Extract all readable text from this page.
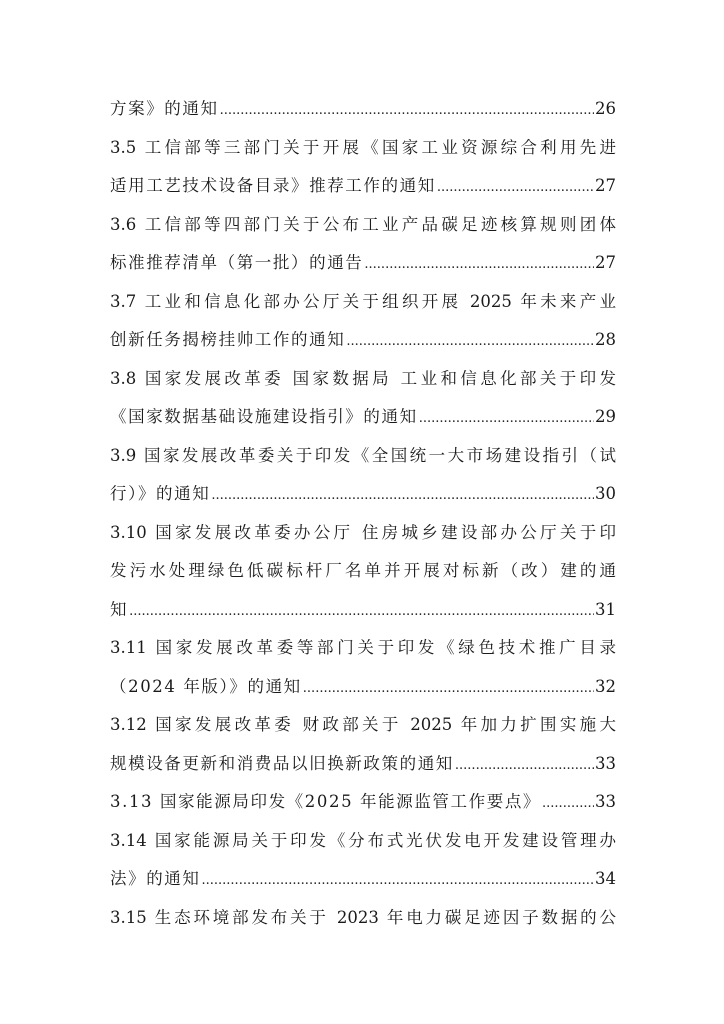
方案》的通知 .....	26
3.5 工信部等三部门关于开展《国家工业资源综合利用先进
适用工艺技术设备目录》推荐工作的通知 .....	27
3.6 工信部等四部门关于公布工业产品碳足迹核算规则团体
标准推荐清单（第一批）的通告 .....	27
3.7 工业和信息化部办公厅关于组织开展 2025 年未来产业
创新任务揭榜挂帅工作的通知 .....	28
3.8 国家发展改革委 国家数据局 工业和信息化部关于印发
《国家数据基础设施建设指引》的通知 .....	29
3.9 国家发展改革委关于印发《全国统一大市场建设指引（试
行）》的通知 .....	30
3.10 国家发展改革委办公厅 住房城乡建设部办公厅关于印
发污水处理绿色低碳标杆厂名单并开展对标新（改）建的通
知 .....	31
3.11 国家发展改革委等部门关于印发《绿色技术推广目录
（2024 年版）》的通知 .....	32
3.12 国家发展改革委 财政部关于 2025 年加力扩围实施大
规模设备更新和消费品以旧换新政策的通知 .....	33
3.13 国家能源局印发《2025 年能源监管工作要点》 .....	33
3.14 国家能源局关于印发《分布式光伏发电开发建设管理办
法》的通知 .....	34
3.15 生态环境部发布关于 2023 年电力碳足迹因子数据的公
